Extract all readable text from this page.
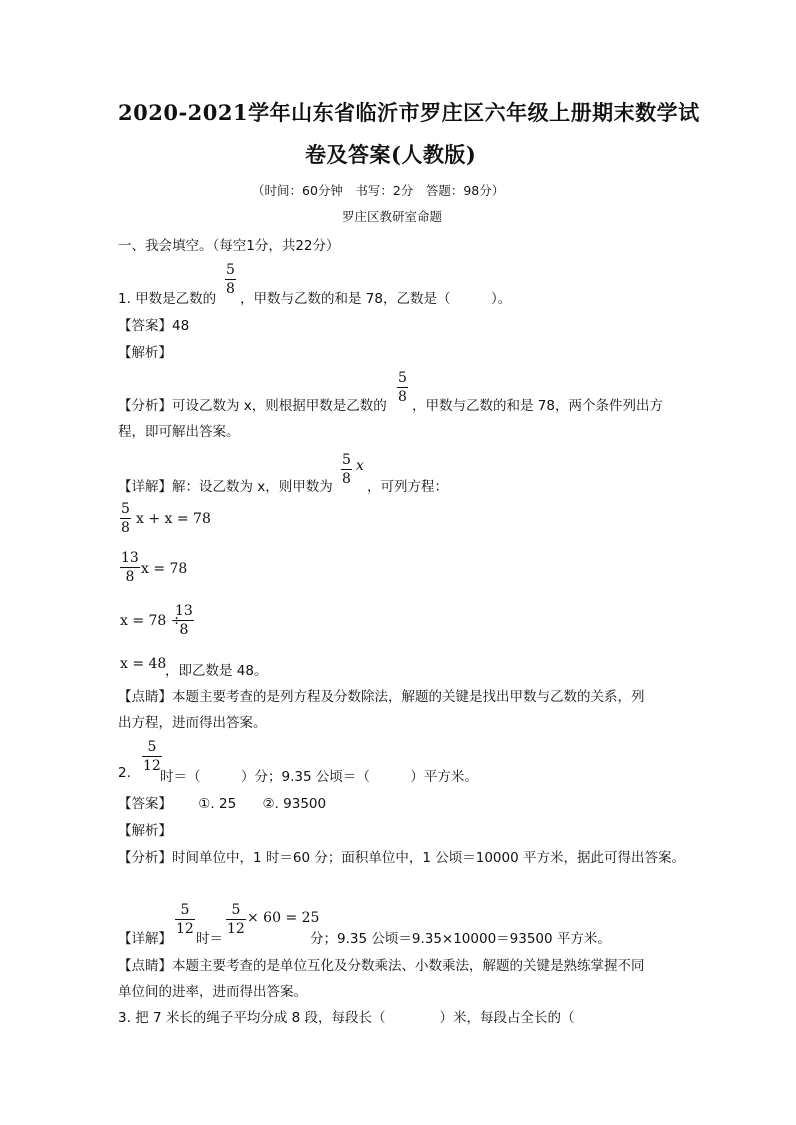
2020-2021学年山东省临沂市罗庄区六年级上册期末数学试
卷及答案(人教版)
（时间：60分钟　书写：2分　答题：98分）
罗庄区教研室命题
一、我会填空。（每空1分，共22分）
1. 甲数是乙数的
5
8
，甲数与乙数的和是 78，乙数是（　　　）。
【答案】48
【解析】
【分析】可设乙数为 x，则根据甲数是乙数的
5
8
，甲数与乙数的和是 78，两个条件列出方
程，即可解出答案。
【详解】解：设乙数为 x，则甲数为
5
8
x
，可列方程：
5
8
x + x = 78
13
8 x = 78
x = 78 ÷
13
8
x = 48
，即乙数是 48。
【点睛】本题主要考查的是列方程及分数除法，解题的关键是找出甲数与乙数的关系，列
出方程，进而得出答案。
2.
5
12
时＝（　　　）分；9.35 公顷＝（　　　）平方米。
【答案】 ①. 25 ②. 93500
【解析】
【分析】时间单位中，1 时＝60 分；面积单位中，1 公顷＝10000 平方米，据此可得出答案。
【详解】
5
12
时＝
5
12
× 60 = 25
分；9.35 公顷＝9.35×10000＝93500 平方米。
【点睛】本题主要考查的是单位互化及分数乘法、小数乘法，解题的关键是熟练掌握不同
单位间的进率，进而得出答案。
3. 把 7 米长的绳子平均分成 8 段，每段长（　　　　）米，每段占全长的（
